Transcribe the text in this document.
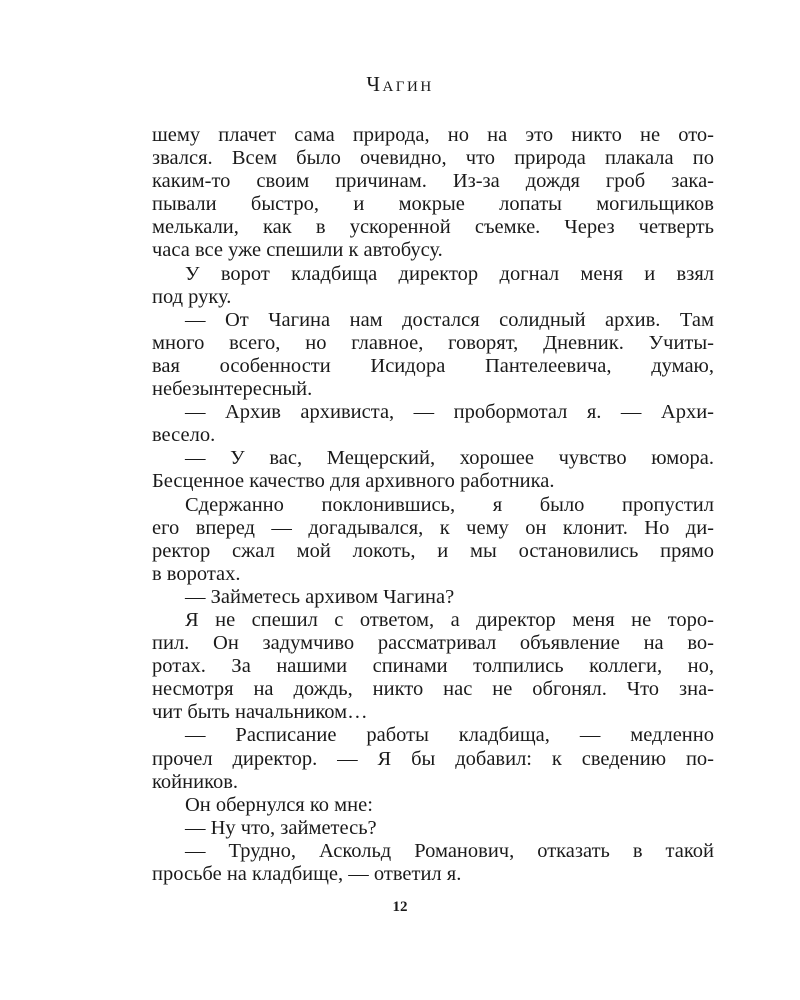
Чагин
шему плачет сама природа, но на это никто не ото-
звался. Всем было очевидно, что природа плакала по
каким-то своим причинам. Из-за дождя гроб зака-
пывали быстро, и мокрые лопаты могильщиков
мелькали, как в ускоренной съемке. Через четверть
часа все уже спешили к автобусу.
У ворот кладбища директор догнал меня и взял
под руку.
— От Чагина нам достался солидный архив. Там
много всего, но главное, говорят, Дневник. Учиты-
вая особенности Исидора Пантелеевича, думаю,
небезынтересный.
— Архив архивиста, — пробормотал я. — Архи-
весело.
— У вас, Мещерский, хорошее чувство юмора.
Бесценное качество для архивного работника.
Сдержанно поклонившись, я было пропустил
его вперед — догадывался, к чему он клонит. Но ди-
ректор сжал мой локоть, и мы остановились прямо
в воротах.
— Займетесь архивом Чагина?
Я не спешил с ответом, а директор меня не торо-
пил. Он задумчиво рассматривал объявление на во-
ротах. За нашими спинами толпились коллеги, но,
несмотря на дождь, никто нас не обгонял. Что зна-
чит быть начальником…
— Расписание работы кладбища, — медленно
прочел директор. — Я бы добавил: к сведению по-
койников.
Он обернулся ко мне:
— Ну что, займетесь?
— Трудно, Аскольд Романович, отказать в такой
просьбе на кладбище, — ответил я.
12
